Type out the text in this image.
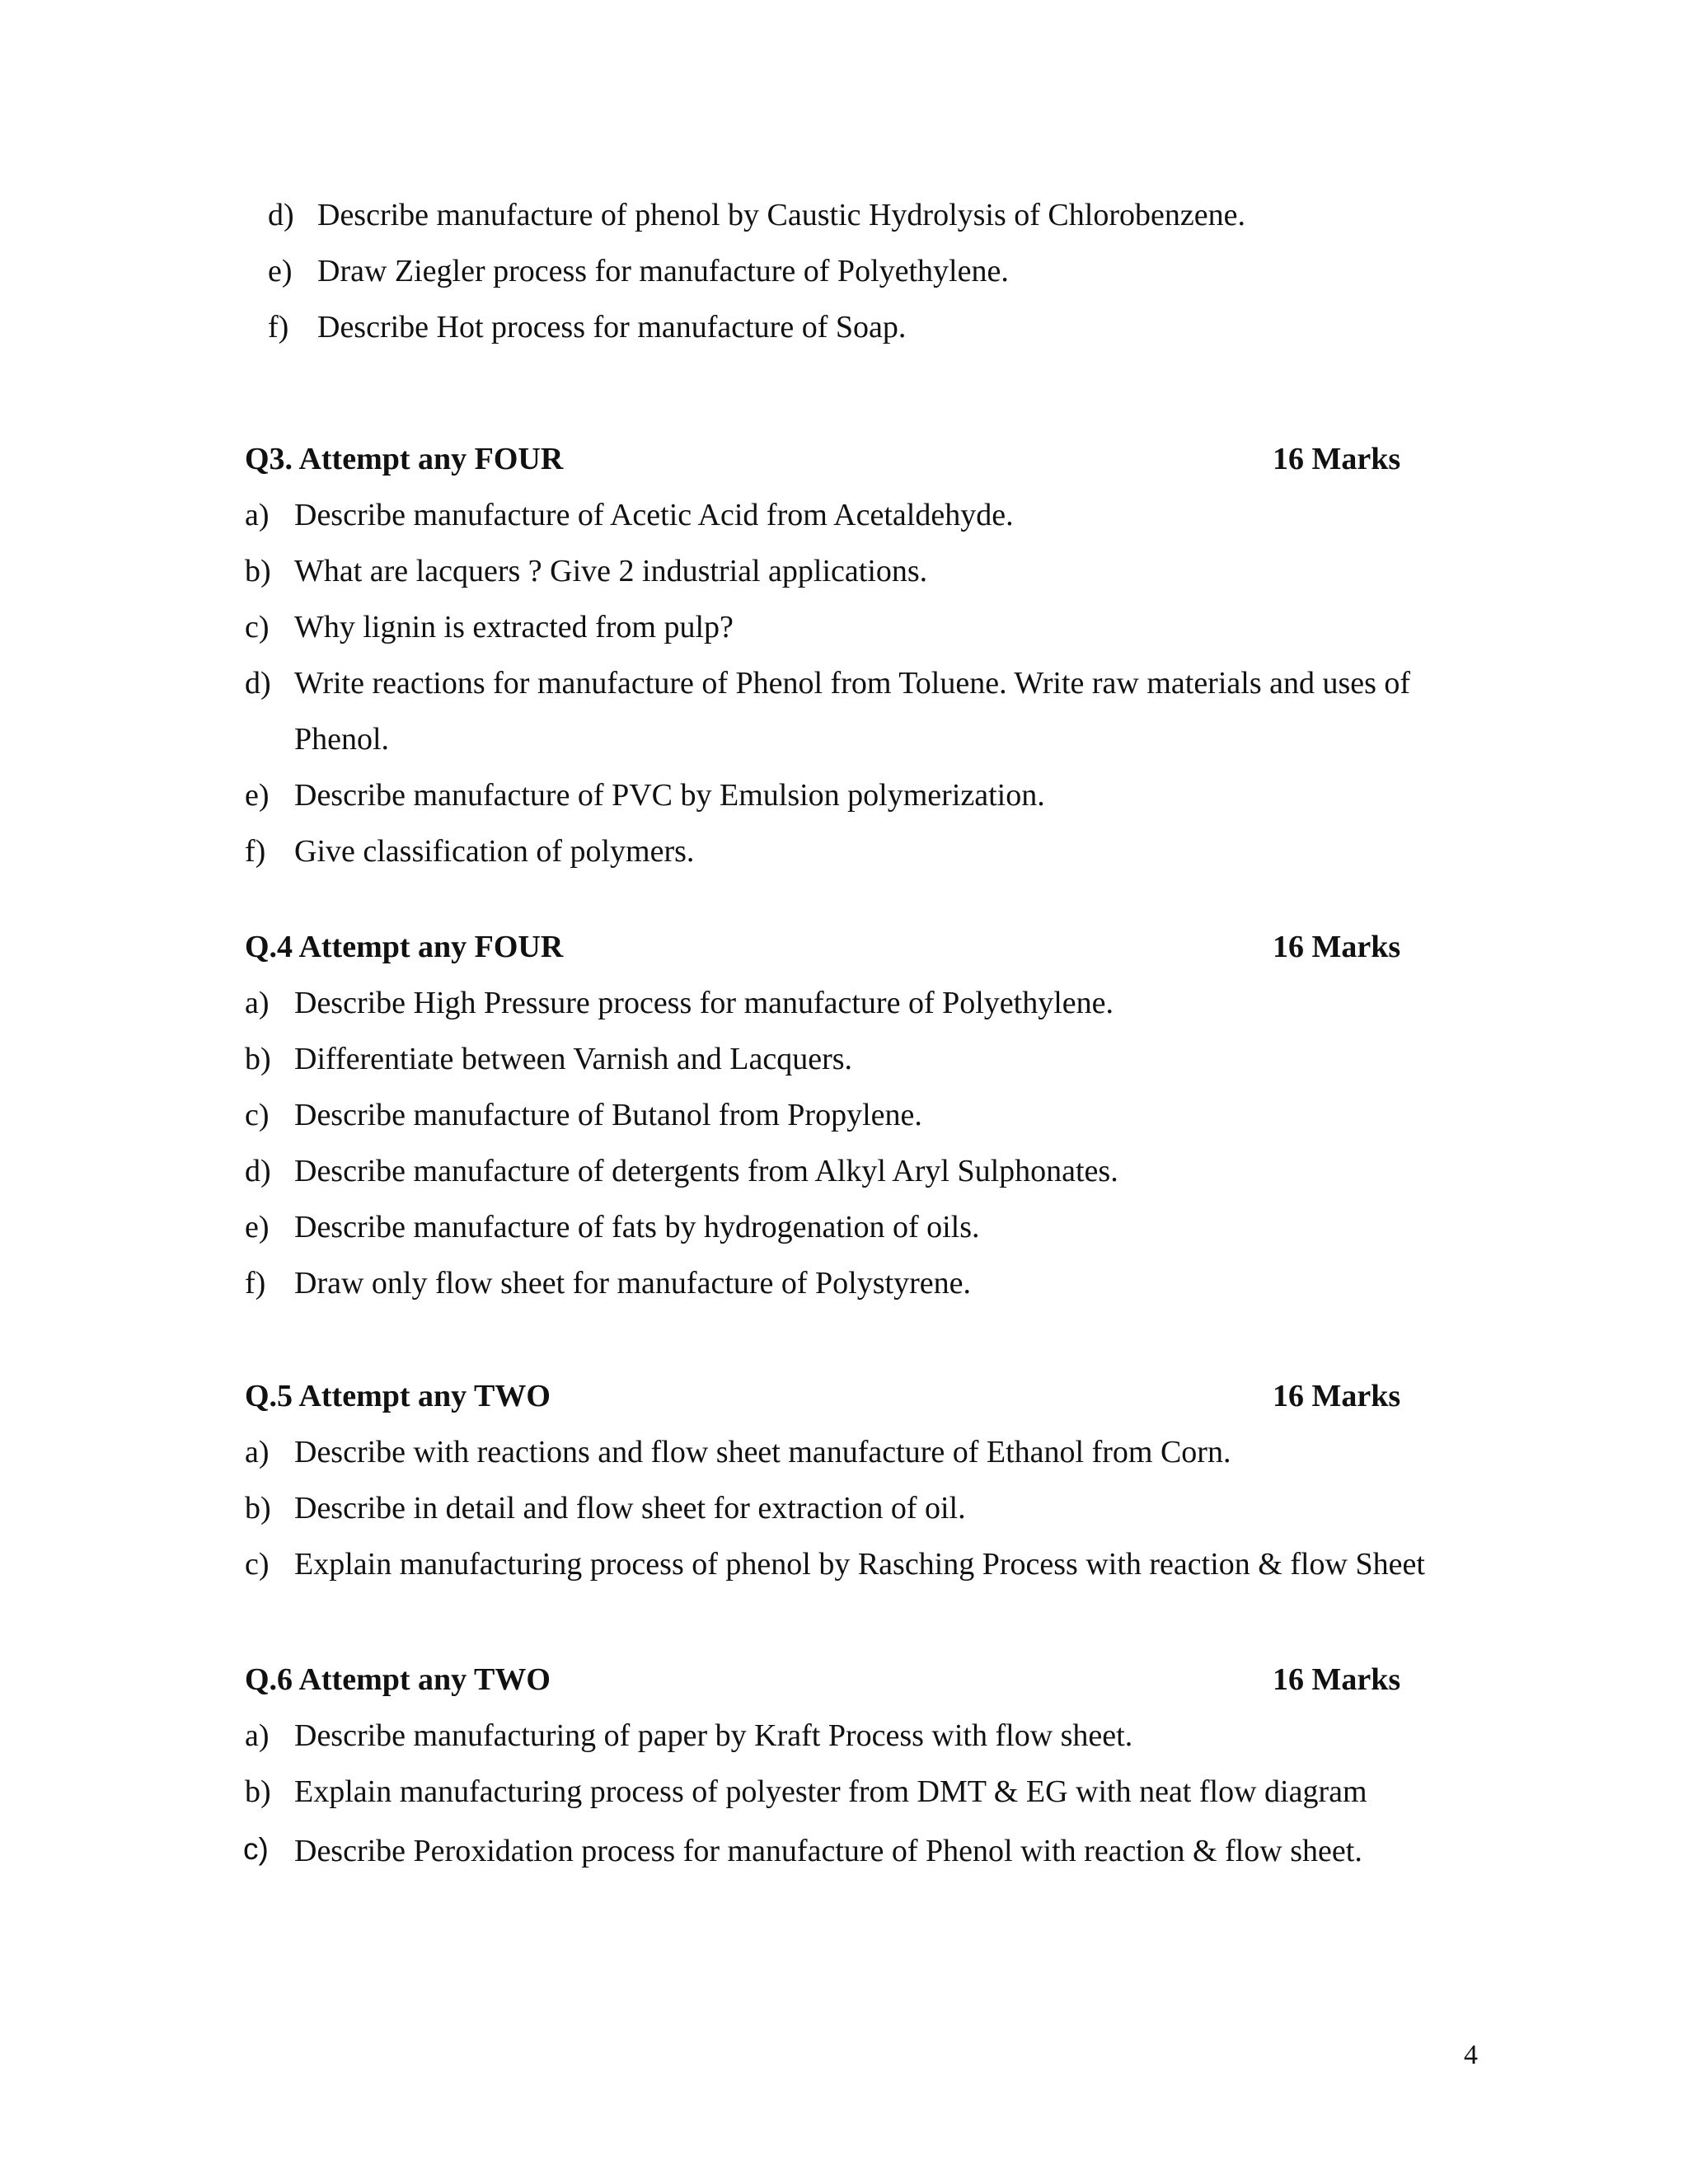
d) Describe manufacture of phenol by Caustic Hydrolysis of Chlorobenzene.
e) Draw Ziegler process for manufacture of Polyethylene.
f) Describe Hot process for manufacture of Soap.
Q3. Attempt any FOUR	16 Marks
a) Describe manufacture of Acetic Acid from Acetaldehyde.
b) What are lacquers ? Give 2 industrial applications.
c) Why lignin is extracted from pulp?
d) Write reactions for manufacture of Phenol from Toluene. Write raw materials and uses of
Phenol.
e) Describe manufacture of PVC by Emulsion polymerization.
f) Give classification of polymers.
Q.4 Attempt any FOUR	16 Marks
a) Describe High Pressure process for manufacture of Polyethylene.
b) Differentiate between Varnish and Lacquers.
c) Describe manufacture of Butanol from Propylene.
d) Describe manufacture of detergents from Alkyl Aryl Sulphonates.
e) Describe manufacture of fats by hydrogenation of oils.
f) Draw only flow sheet for manufacture of Polystyrene.
Q.5 Attempt any TWO	16 Marks
a) Describe with reactions and flow sheet manufacture of Ethanol from Corn.
b) Describe in detail and flow sheet for extraction of oil.
c) Explain manufacturing process of phenol by Rasching Process with reaction & flow Sheet
Q.6 Attempt any TWO	16 Marks
a) Describe manufacturing of paper by Kraft Process with flow sheet.
b) Explain manufacturing process of polyester from DMT & EG with neat flow diagram
c) Describe Peroxidation process for manufacture of Phenol with reaction & flow sheet.
4
